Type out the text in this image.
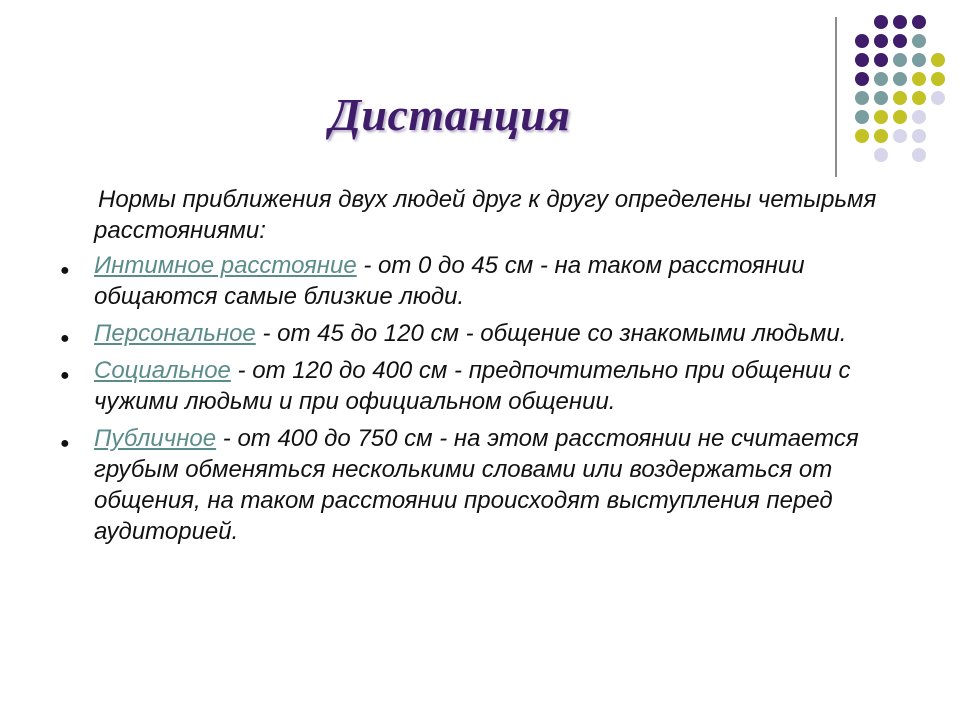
Дистанция

Нормы приближения двух людей друг к другу определены четырьмя расстояниями:

● Интимное расстояние - от 0 до 45 см - на таком расстоянии общаются самые близкие люди.
● Персональное - от 45 до 120 см - общение со знакомыми людьми.
● Социальное - от 120 до 400 см - предпочтительно при общении с чужими людьми и при официальном общении.
● Публичное - от 400 до 750 см - на этом расстоянии не считается грубым обменяться несколькими словами или воздержаться от общения, на таком расстоянии происходят выступления перед аудиторией.
